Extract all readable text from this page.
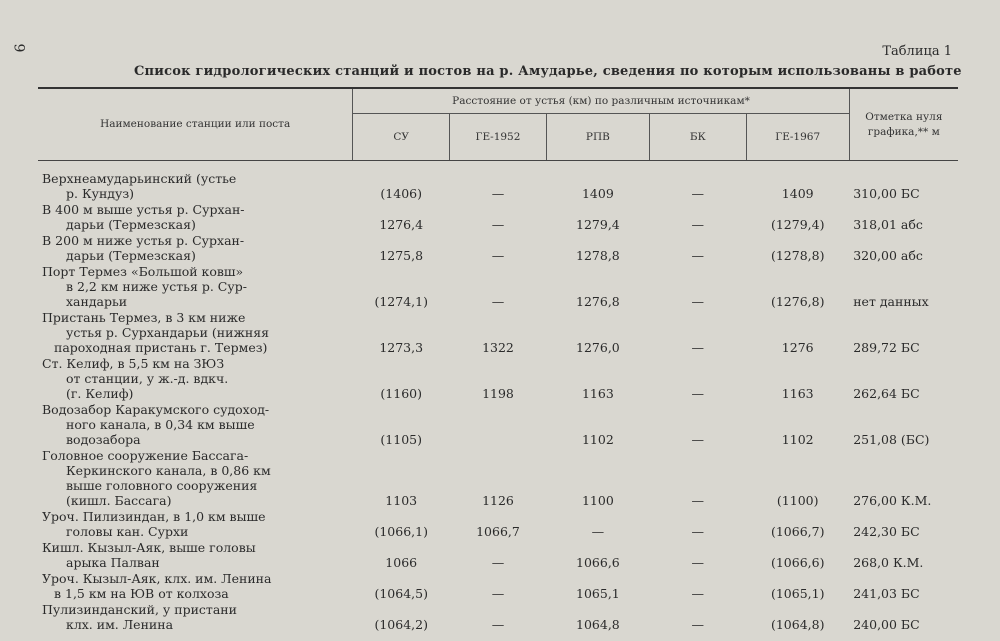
9	Таблица 1
Список гидрологических станций и постов на р. Амударье, сведения по которым использованы в работе
Наименование станции или поста	Расстояние от устья (км) по различным источникам*					Отметка нуля графика,** м
	СУ	ГЕ-1952	РПВ	БК	ГЕ-1967	

Верхнеамударьинский (устье
р. Кундуз)	(1406)	—	1409	—	1409	310,00 БС

В 400 м выше устья р. Сурхан-
дарьи (Термезская)	1276,4	—	1279,4	—	(1279,4)	318,01 абс

В 200 м ниже устья р. Сурхан-
дарьи (Термезская)	1275,8	—	1278,8	—	(1278,8)	320,00 абс

Порт Термез «Большой ковш»
в 2,2 км ниже устья р. Сур-
хандарьи	(1274,1)	—	1276,8	—	(1276,8)	нет данных

Пристань Термез, в 3 км ниже
устья р. Сурхандарьи (нижняя
пароходная пристань г. Термез)	1273,3	1322	1276,0	—	1276	289,72 БС

Ст. Келиф, в 5,5 км на ЗЮЗ
от станции, у ж.-д. вдкч.
(г. Келиф)	(1160)	1198	1163	—	1163	262,64 БС

Водозабор Каракумского судоход-
ного канала, в 0,34 км выше
водозабора	(1105)		1102	—	1102	251,08 (БС)

Головное сооружение Бассага-
Керкинского канала, в 0,86 км
выше головного сооружения
(кишл. Бассага)	1103	1126	1100	—	(1100)	276,00 К.М.

Уроч. Пилизиндан, в 1,0 км выше
головы кан. Сурхи	(1066,1)	1066,7	—	—	(1066,7)	242,30 БС

Кишл. Кызыл-Аяк, выше головы
арыка Палван	1066	—	1066,6	—	(1066,6)	268,0 К.М.

Уроч. Кызыл-Аяк, клх. им. Ленина
в 1,5 км на ЮВ от колхоза	(1064,5)	—	1065,1	—	(1065,1)	241,03 БС

Пулизинданский, у пристани
клх. им. Ленина	(1064,2)	—	1064,8	—	(1064,8)	240,00 БС
